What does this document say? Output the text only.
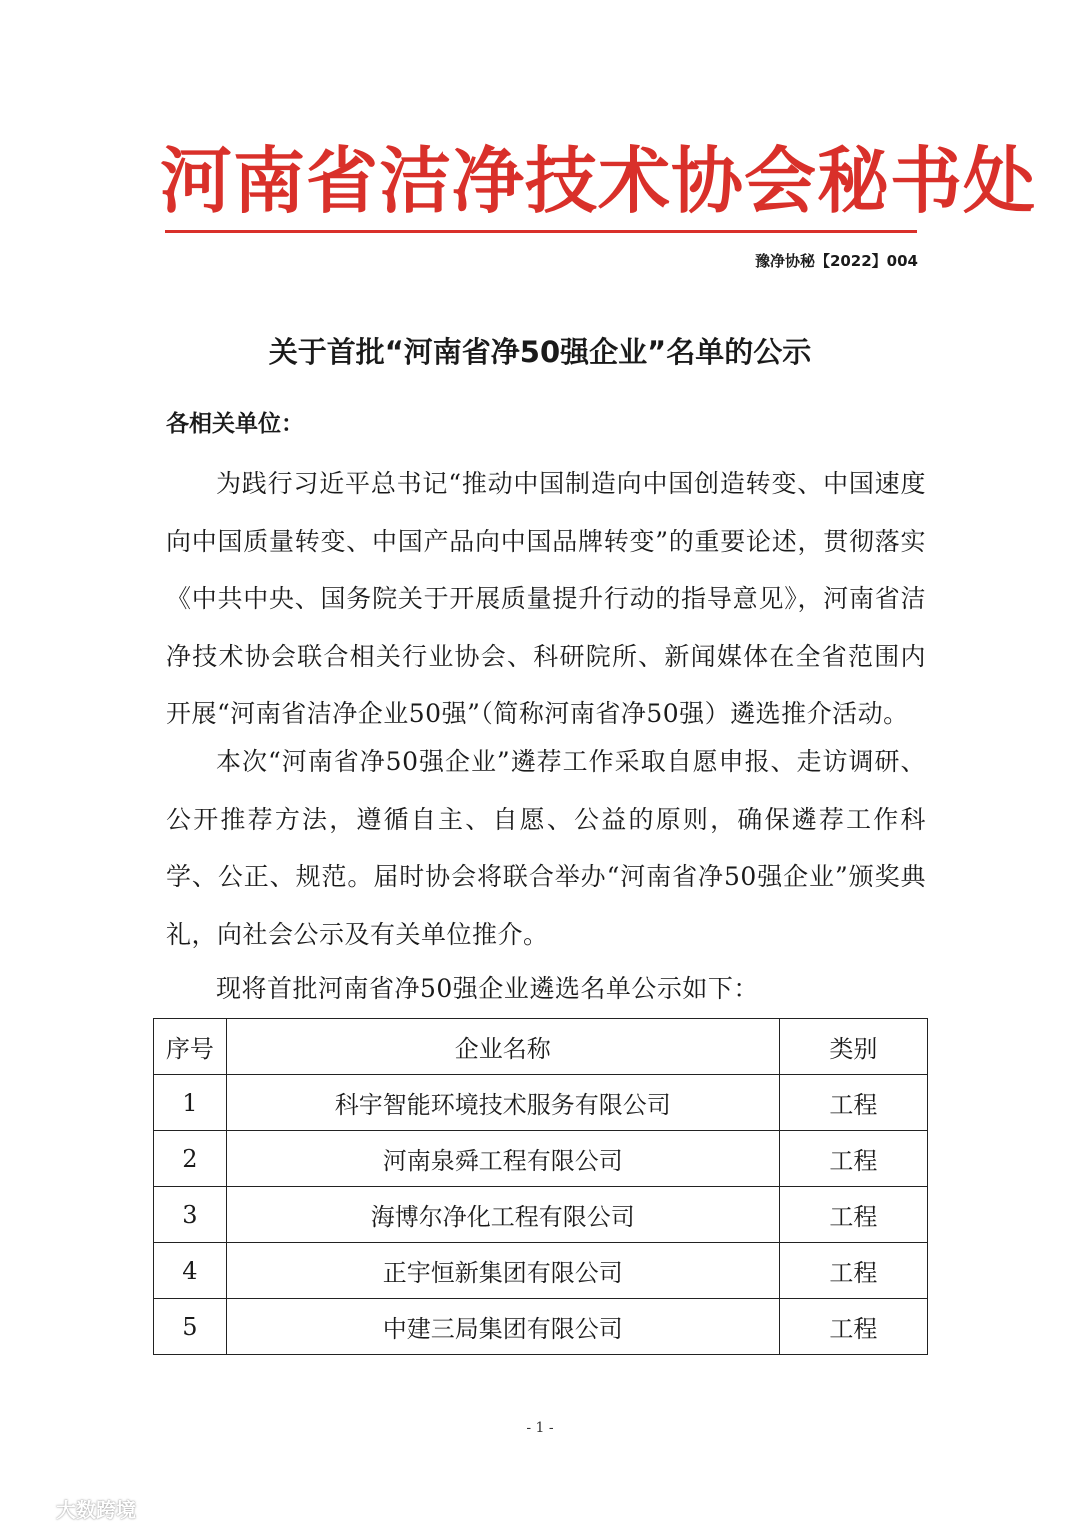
河南省洁净技术协会秘书处
豫净协秘【2022】004
关于首批“河南省净50强企业”名单的公示
各相关单位：

为践行习近平总书记“推动中国制造向中国创造转变、中国速度向中国质量转变、中国产品向中国品牌转变”的重要论述，贯彻落实《中共中央、国务院关于开展质量提升行动的指导意见》，河南省洁净技术协会联合相关行业协会、科研院所、新闻媒体在全省范围内开展“河南省洁净企业50强”（简称河南省净50强）遴选推介活动。

本次“河南省净50强企业”遴荐工作采取自愿申报、走访调研、公开推荐方法，遵循自主、自愿、公益的原则，确保遴荐工作科学、公正、规范。届时协会将联合举办“河南省净50强企业”颁奖典礼，向社会公示及有关单位推介。

现将首批河南省净50强企业遴选名单公示如下：

序号	企业名称	类别
1	科宇智能环境技术服务有限公司	工程
2	河南泉舜工程有限公司	工程
3	海博尔净化工程有限公司	工程
4	正宇恒新集团有限公司	工程
5	中建三局集团有限公司	工程
- 1 -
大数跨境
